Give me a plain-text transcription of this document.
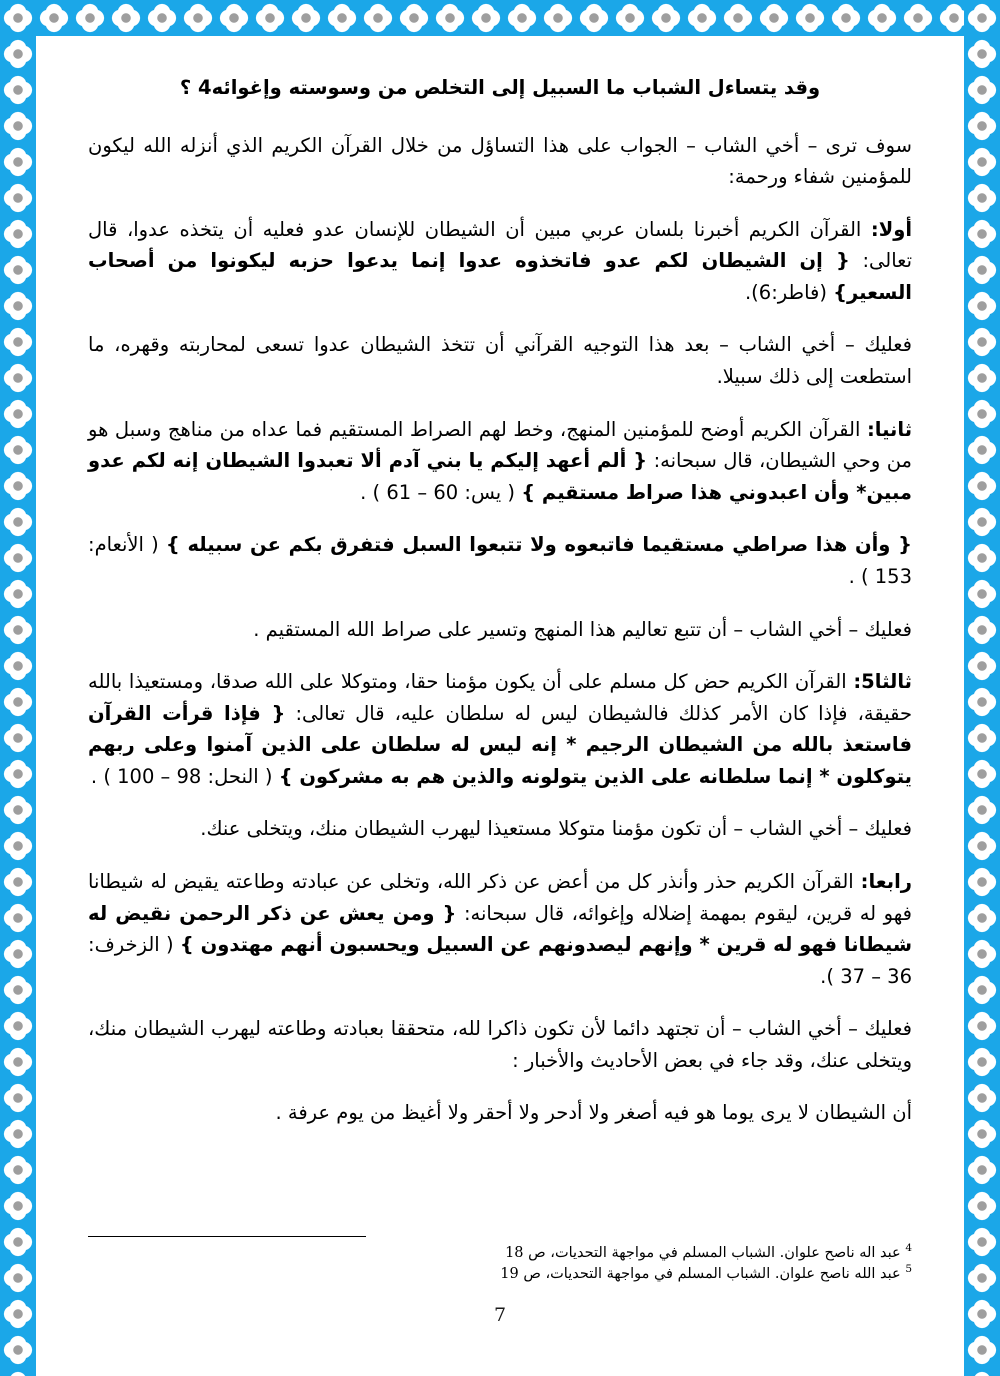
وقد يتساءل الشباب ما السبيل إلى التخلص من وسوسته وإغوائه4 ؟

سوف ترى – أخي الشاب – الجواب على هذا التساؤل من خلال القرآن الكريم الذي أنزله الله ليكون للمؤمنين شفاء ورحمة:

أولا: القرآن الكريم أخبرنا بلسان عربي مبين أن الشيطان للإنسان عدو فعليه أن يتخذه عدوا، قال تعالى: { إن الشيطان لكم عدو فاتخذوه عدوا إنما يدعوا حزبه ليكونوا من أصحاب السعير} (فاطر:6).

فعليك – أخي الشاب – بعد هذا التوجيه القرآني أن تتخذ الشيطان عدوا تسعى لمحاربته وقهره، ما استطعت إلى ذلك سبيلا.

ثانيا: القرآن الكريم أوضح للمؤمنين المنهج، وخط لهم الصراط المستقيم فما عداه من مناهج وسبل هو من وحي الشيطان، قال سبحانه: { ألم أعهد إليكم يا بني آدم ألا تعبدوا الشيطان إنه لكم عدو مبين* وأن اعبدوني هذا صراط مستقيم } ( يس: 60 – 61 ) .

{ وأن هذا صراطي مستقيما فاتبعوه ولا تتبعوا السبل فتفرق بكم عن سبيله } ( الأنعام: 153 ) .

فعليك – أخي الشاب – أن تتبع تعاليم هذا المنهج وتسير على صراط الله المستقيم .

ثالثا5: القرآن الكريم حض كل مسلم على أن يكون مؤمنا حقا، ومتوكلا على الله صدقا، ومستعيذا بالله حقيقة، فإذا كان الأمر كذلك فالشيطان ليس له سلطان عليه، قال تعالى: { فإذا قرأت القرآن فاستعذ بالله من الشيطان الرجيم * إنه ليس له سلطان على الذين آمنوا وعلى ربهم يتوكلون * إنما سلطانه على الذين يتولونه والذين هم به مشركون } ( النحل: 98 – 100 ) .

فعليك – أخي الشاب – أن تكون مؤمنا متوكلا مستعيذا ليهرب الشيطان منك، ويتخلى عنك.

رابعا: القرآن الكريم حذر وأنذر كل من أعض عن ذكر الله، وتخلى عن عبادته وطاعته يقيض له شيطانا فهو له قرين، ليقوم بمهمة إضلاله وإغوائه، قال سبحانه: { ومن يعش عن ذكر الرحمن نقيض له شيطانا فهو له قرين * وإنهم ليصدونهم عن السبيل ويحسبون أنهم مهتدون } ( الزخرف: 36 – 37 ).

فعليك – أخي الشاب – أن تجتهد دائما لأن تكون ذاكرا لله، متحققا بعبادته وطاعته ليهرب الشيطان منك، ويتخلى عنك، وقد جاء في بعض الأحاديث والأخبار :

أن الشيطان لا يرى يوما هو فيه أصغر ولا أدحر ولا أحقر ولا أغيظ من يوم عرفة .

$^4$ عبد اله ناصح علوان. الشباب المسلم في مواجهة التحديات، ص 18
$^5$ عبد الله ناصح علوان. الشباب المسلم في مواجهة التحديات، ص 19
7
